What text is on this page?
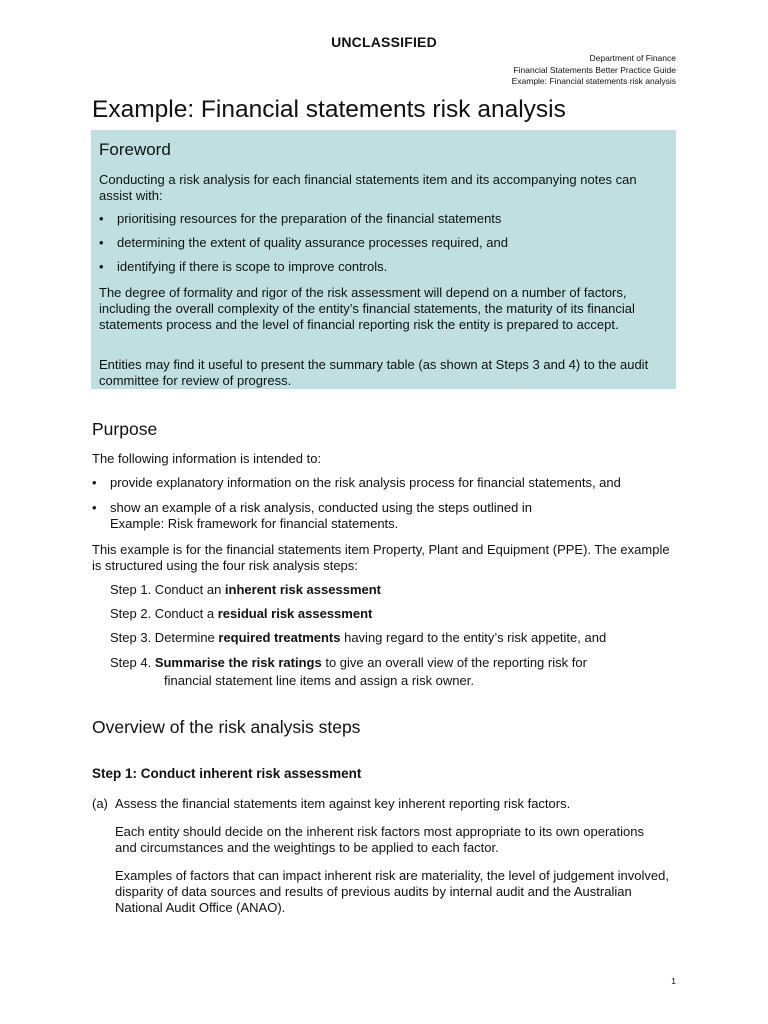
UNCLASSIFIED
Department of Finance
Financial Statements Better Practice Guide
Example: Financial statements risk analysis
Example: Financial statements risk analysis
Foreword
Conducting a risk analysis for each financial statements item and its accompanying notes can assist with:
• prioritising resources for the preparation of the financial statements
• determining the extent of quality assurance processes required, and
• identifying if there is scope to improve controls.
The degree of formality and rigor of the risk assessment will depend on a number of factors, including the overall complexity of the entity’s financial statements, the maturity of its financial statements process and the level of financial reporting risk the entity is prepared to accept.
Entities may find it useful to present the summary table (as shown at Steps 3 and 4) to the audit committee for review of progress.
Purpose
The following information is intended to:
• provide explanatory information on the risk analysis process for financial statements, and
• show an example of a risk analysis, conducted using the steps outlined in
Example: Risk framework for financial statements.
This example is for the financial statements item Property, Plant and Equipment (PPE). The example is structured using the four risk analysis steps:
Step 1. Conduct an inherent risk assessment
Step 2. Conduct a residual risk assessment
Step 3. Determine required treatments having regard to the entity’s risk appetite, and
Step 4. Summarise the risk ratings to give an overall view of the reporting risk for
financial statement line items and assign a risk owner.
Overview of the risk analysis steps
Step 1: Conduct inherent risk assessment
(a) Assess the financial statements item against key inherent reporting risk factors.
Each entity should decide on the inherent risk factors most appropriate to its own operations and circumstances and the weightings to be applied to each factor.
Examples of factors that can impact inherent risk are materiality, the level of judgement involved, disparity of data sources and results of previous audits by internal audit and the Australian National Audit Office (ANAO).
1
